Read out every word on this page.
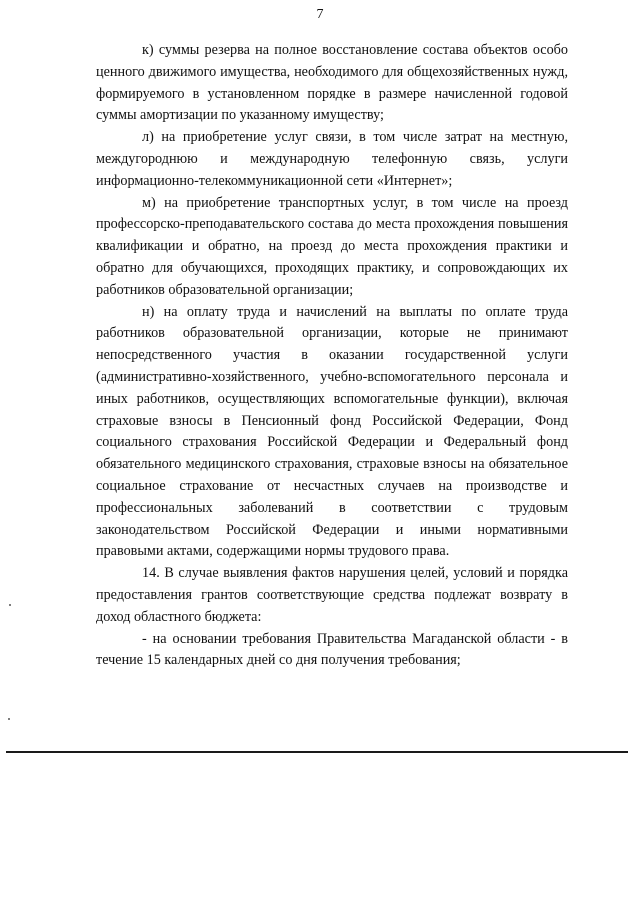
7

к) суммы резерва на полное восстановление состава объектов особо ценного движимого имущества, необходимого для общехозяйственных нужд, формируемого в установленном порядке в размере начисленной годовой суммы амортизации по указанному имуществу;

л) на приобретение услуг связи, в том числе затрат на местную, междугороднюю и международную телефонную связь, услуги информационно-телекоммуникационной сети «Интернет»;

м) на приобретение транспортных услуг, в том числе на проезд профессорско-преподавательского состава до места прохождения повышения квалификации и обратно, на проезд до места прохождения практики и обратно для обучающихся, проходящих практику, и сопровождающих их работников образовательной организации;

н) на оплату труда и начислений на выплаты по оплате труда работников образовательной организации, которые не принимают непосредственного участия в оказании государственной услуги (административно-хозяйственного, учебно-вспомогательного персонала и иных работников, осуществляющих вспомогательные функции), включая страховые взносы в Пенсионный фонд Российской Федерации, Фонд социального страхования Российской Федерации и Федеральный фонд обязательного медицинского страхования, страховые взносы на обязательное социальное страхование от несчастных случаев на производстве и профессиональных заболеваний в соответствии с трудовым законодательством Российской Федерации и иными нормативными правовыми актами, содержащими нормы трудового права.

14. В случае выявления фактов нарушения целей, условий и порядка предоставления грантов соответствующие средства подлежат возврату в доход областного бюджета:

- на основании требования Правительства Магаданской области - в течение 15 календарных дней со дня получения требования;
